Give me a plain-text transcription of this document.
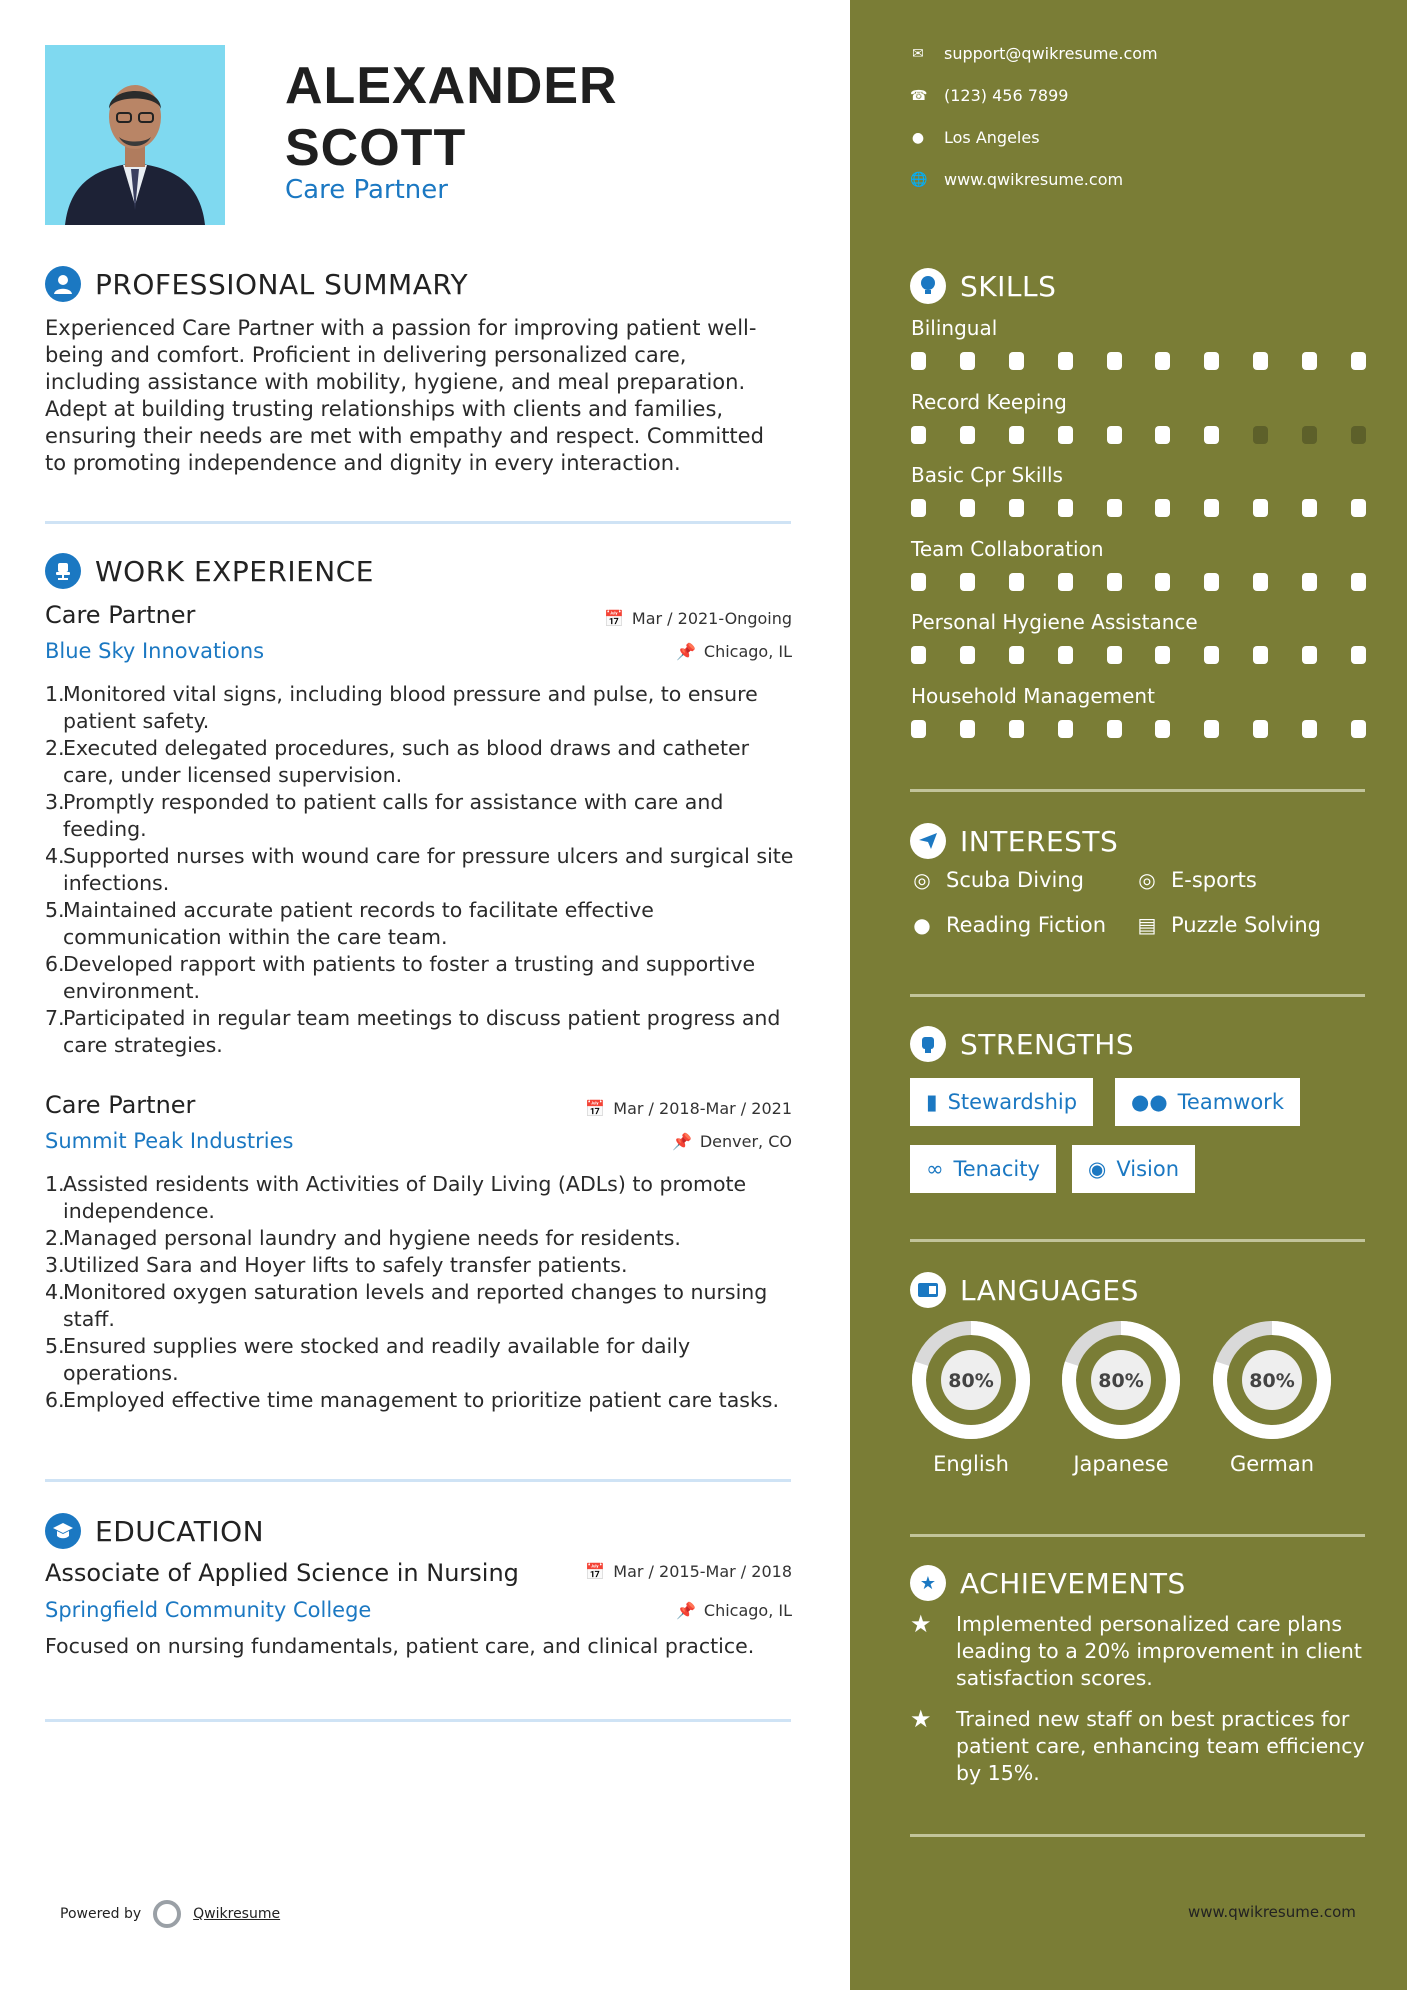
ALEXANDER
SCOTT
Care Partner
PROFESSIONAL SUMMARY
Experienced Care Partner with a passion for improving patient well-being and comfort. Proficient in delivering personalized care, including assistance with mobility, hygiene, and meal preparation. Adept at building trusting relationships with clients and families, ensuring their needs are met with empathy and respect. Committed to promoting independence and dignity in every interaction.
WORK EXPERIENCE
Care Partner	📅 Mar / 2021-Ongoing
Blue Sky Innovations	📌 Chicago, IL
1.
Monitored vital signs, including blood pressure and pulse, to ensure patient safety.
2.
Executed delegated procedures, such as blood draws and catheter care, under licensed supervision.
3.
Promptly responded to patient calls for assistance with care and feeding.
4.
Supported nurses with wound care for pressure ulcers and surgical site infections.
5.
Maintained accurate patient records to facilitate effective communication within the care team.
6.
Developed rapport with patients to foster a trusting and supportive environment.
7.
Participated in regular team meetings to discuss patient progress and care strategies.
Care Partner	📅 Mar / 2018-Mar / 2021
Summit Peak Industries	📌 Denver, CO
1.
Assisted residents with Activities of Daily Living (ADLs) to promote independence.
2.
Managed personal laundry and hygiene needs for residents.
3.
Utilized Sara and Hoyer lifts to safely transfer patients.
4.
Monitored oxygen saturation levels and reported changes to nursing staff.
5.
Ensured supplies were stocked and readily available for daily operations.
6.
Employed effective time management to prioritize patient care tasks.
EDUCATION
Associate of Applied Science in Nursing	📅 Mar / 2015-Mar / 2018
Springfield Community College	📌 Chicago, IL
Focused on nursing fundamentals, patient care, and clinical practice.
Powered by	Qwikresume
✉ support@qwikresume.com
☎ (123) 456 7899
● Los Angeles
🌐 www.qwikresume.com
SKILLS
Bilingual
Record Keeping
Basic Cpr Skills
Team Collaboration
Personal Hygiene Assistance
Household Management
INTERESTS
◎ Scuba Diving	◎ E-sports
● Reading Fiction ▤ Puzzle Solving
STRENGTHS
▮ Stewardship	●● Teamwork
∞ Tenacity ◉ Vision
LANGUAGES
80%
English
80%
Japanese
80%
German
★ ACHIEVEMENTS
★	Implemented personalized care plans leading to a 20% improvement in client satisfaction scores.
★	Trained new staff on best practices for patient care, enhancing team efficiency by 15%.
www.qwikresume.com
